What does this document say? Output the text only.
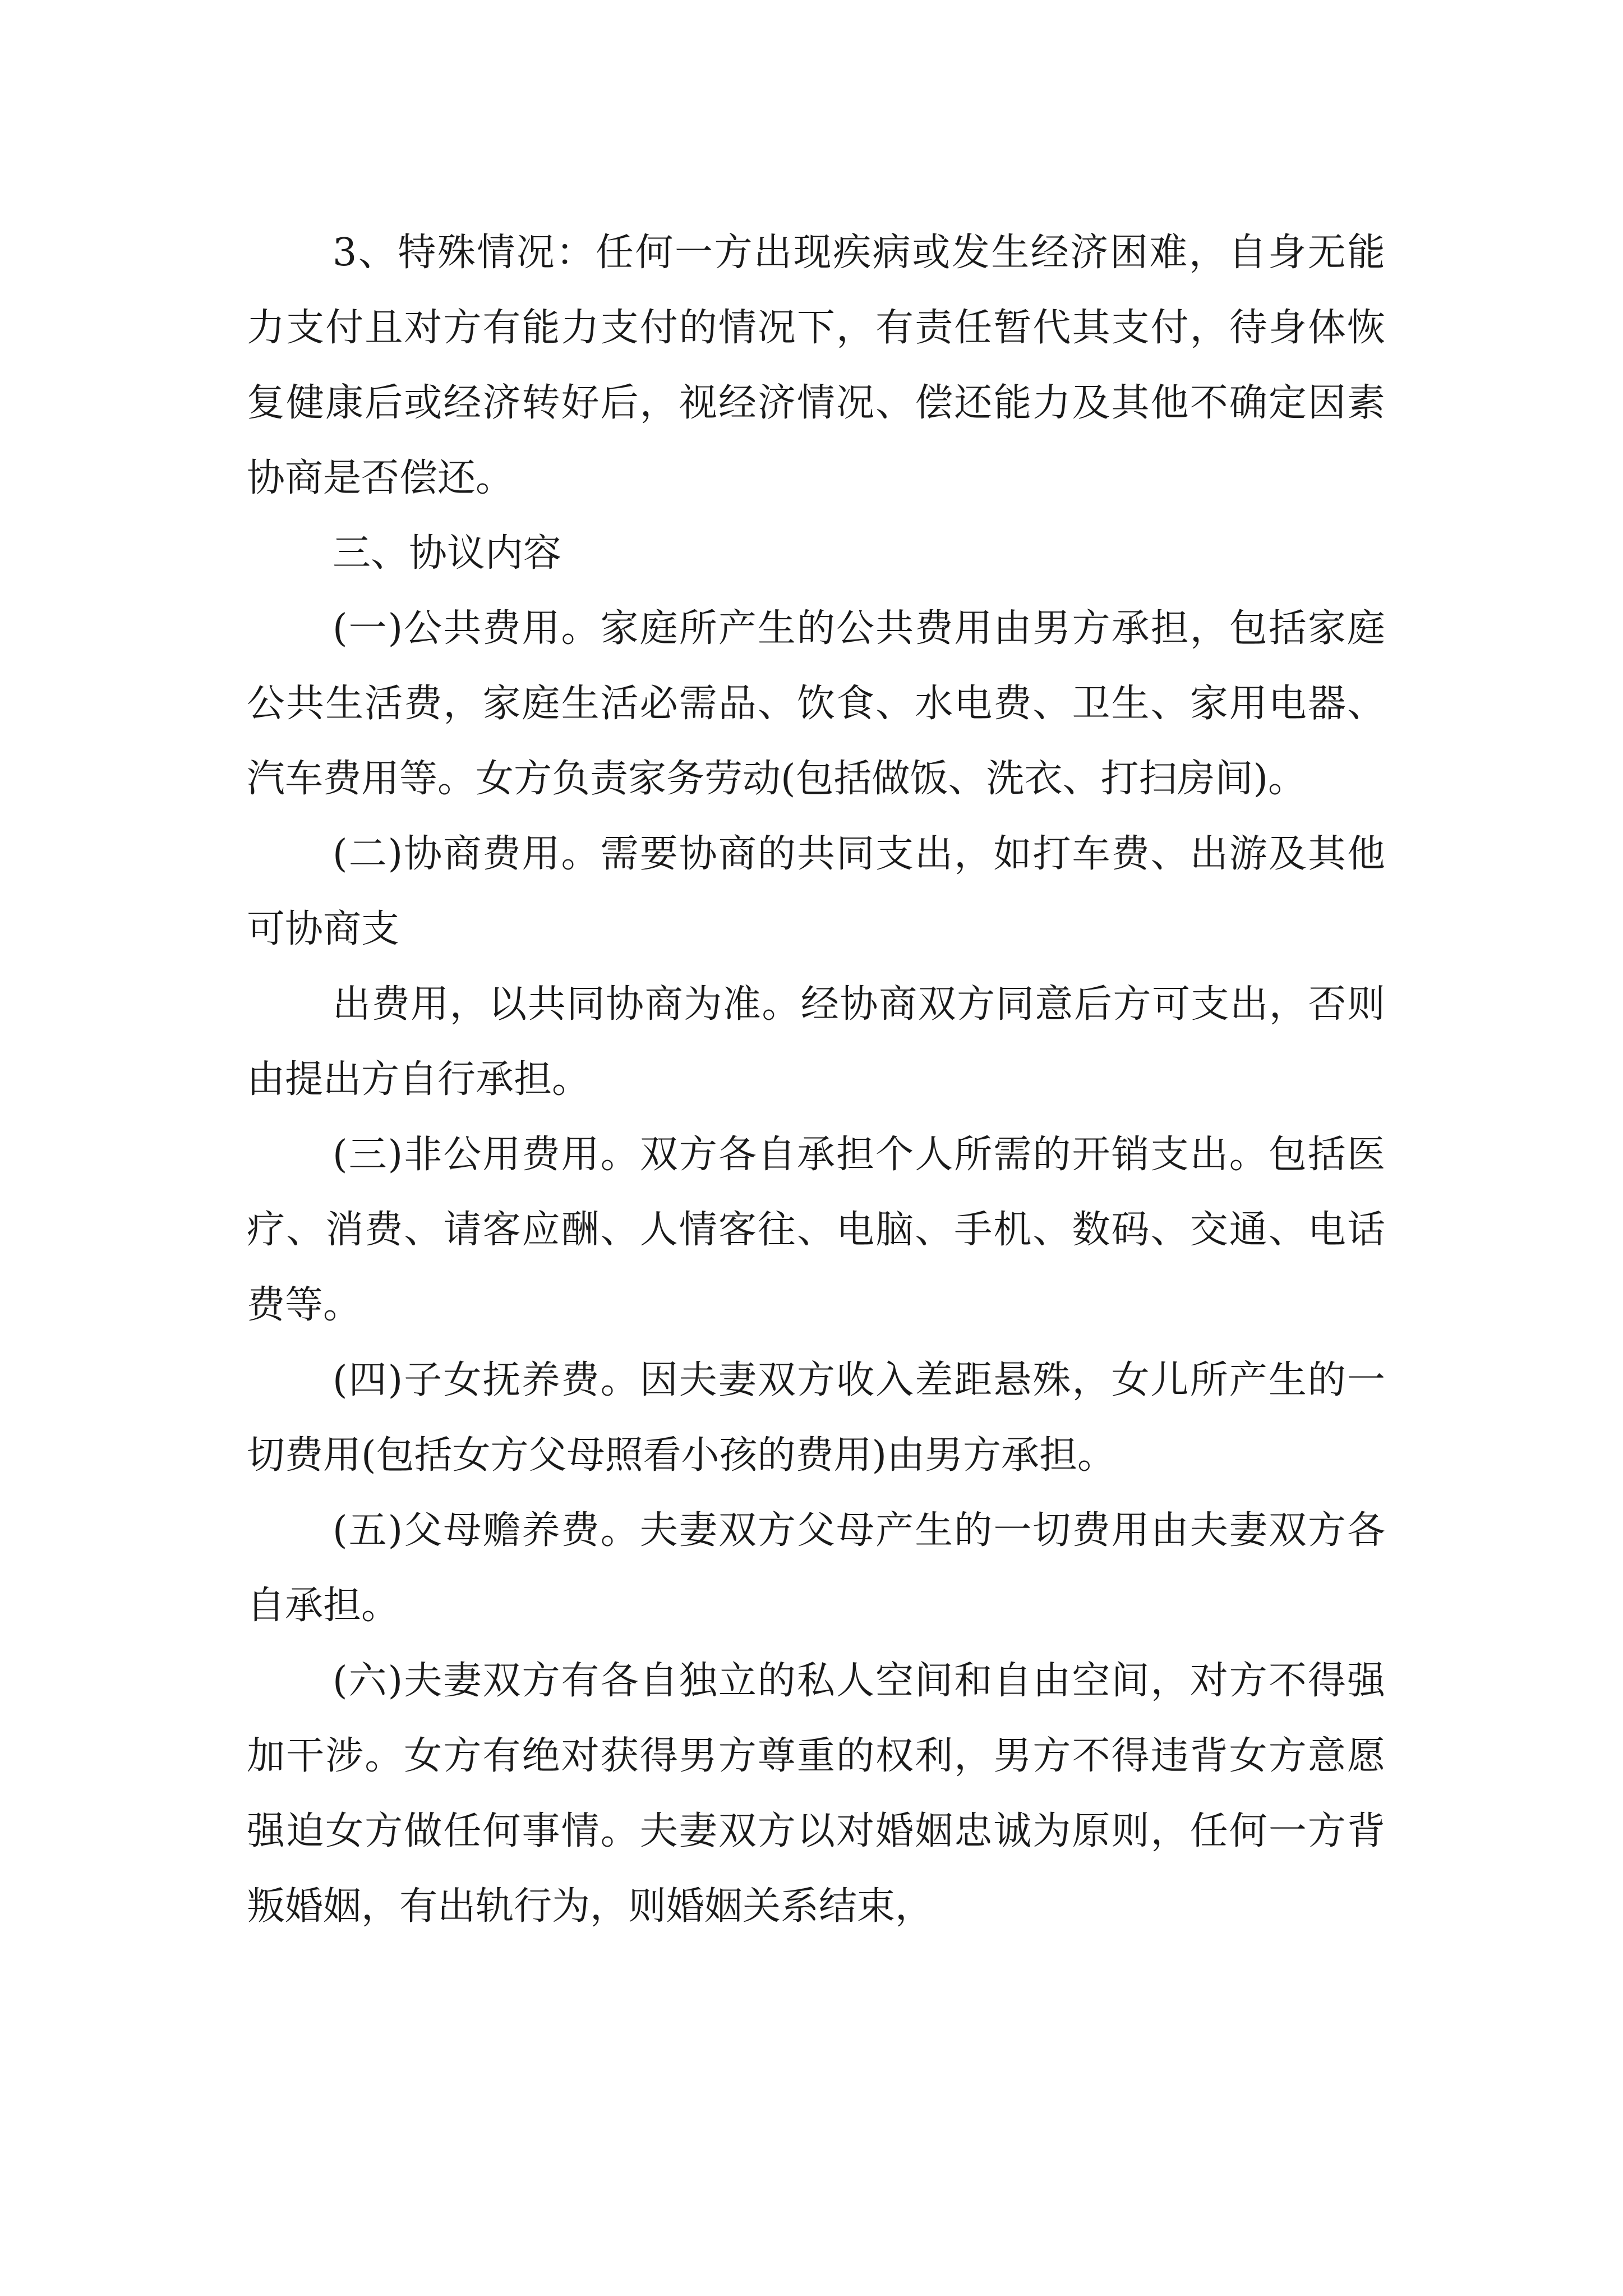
3、特殊情况：任何一方出现疾病或发生经济困难，自身无能力支付且对方有能力支付的情况下，有责任暂代其支付，待身体恢复健康后或经济转好后，视经济情况、偿还能力及其他不确定因素协商是否偿还。

三、协议内容

(一)公共费用。家庭所产生的公共费用由男方承担，包括家庭公共生活费，家庭生活必需品、饮食、水电费、卫生、家用电器、汽车费用等。女方负责家务劳动(包括做饭、洗衣、打扫房间)。

(二)协商费用。需要协商的共同支出，如打车费、出游及其他可协商支

出费用，以共同协商为准。经协商双方同意后方可支出，否则由提出方自行承担。

(三)非公用费用。双方各自承担个人所需的开销支出。包括医疗、消费、请客应酬、人情客往、电脑、手机、数码、交通、电话费等。

(四)子女抚养费。因夫妻双方收入差距悬殊，女儿所产生的一切费用(包括女方父母照看小孩的费用)由男方承担。

(五)父母赡养费。夫妻双方父母产生的一切费用由夫妻双方各自承担。

(六)夫妻双方有各自独立的私人空间和自由空间，对方不得强加干涉。女方有绝对获得男方尊重的权利，男方不得违背女方意愿强迫女方做任何事情。夫妻双方以对婚姻忠诚为原则，任何一方背叛婚姻，有出轨行为，则婚姻关系结束，
